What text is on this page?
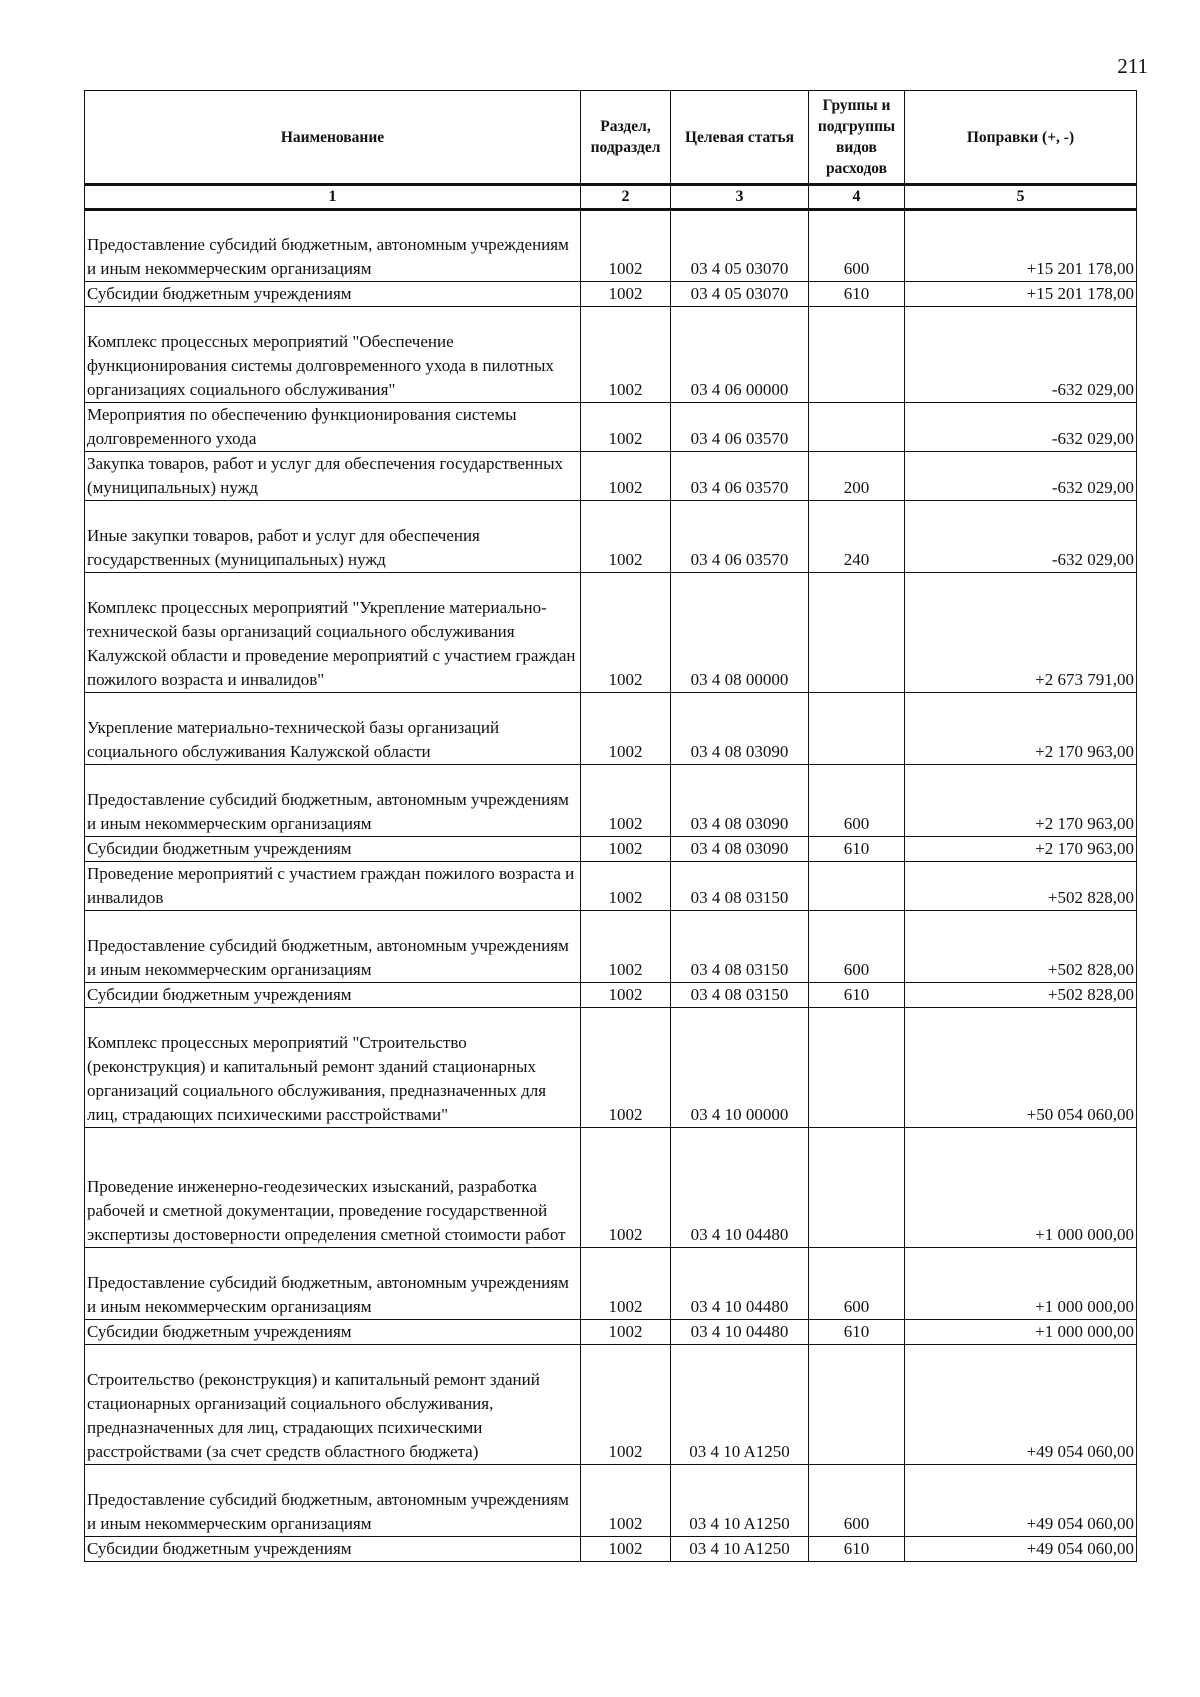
211
Наименование	Раздел, подраздел	Целевая статья	Группы и подгруппы видов расходов	Поправки (+, -)
1	2	3	4	5

Предоставление субсидий бюджетным, автономным учреждениям и иным некоммерческим организациям	1002	03 4 05 03070	600	+15 201 178,00
Субсидии бюджетным учреждениям	1002	03 4 05 03070	610	+15 201 178,00
Комплекс процессных мероприятий "Обеспечение функционирования системы долговременного ухода в пилотных организациях социального обслуживания"	1002	03 4 06 00000		-632 029,00
Мероприятия по обеспечению функционирования системы долговременного ухода	1002	03 4 06 03570		-632 029,00
Закупка товаров, работ и услуг для обеспечения государственных (муниципальных) нужд	1002	03 4 06 03570	200	-632 029,00
Иные закупки товаров, работ и услуг для обеспечения государственных (муниципальных) нужд	1002	03 4 06 03570	240	-632 029,00
Комплекс процессных мероприятий "Укрепление материально-технической базы организаций социального обслуживания Калужской области и проведение мероприятий с участием граждан пожилого возраста и инвалидов"	1002	03 4 08 00000		+2 673 791,00
Укрепление материально-технической базы организаций социального обслуживания Калужской области	1002	03 4 08 03090		+2 170 963,00
Предоставление субсидий бюджетным, автономным учреждениям и иным некоммерческим организациям	1002	03 4 08 03090	600	+2 170 963,00
Субсидии бюджетным учреждениям	1002	03 4 08 03090	610	+2 170 963,00
Проведение мероприятий с участием граждан пожилого возраста и инвалидов	1002	03 4 08 03150		+502 828,00
Предоставление субсидий бюджетным, автономным учреждениям и иным некоммерческим организациям	1002	03 4 08 03150	600	+502 828,00
Субсидии бюджетным учреждениям	1002	03 4 08 03150	610	+502 828,00
Комплекс процессных мероприятий "Строительство (реконструкция) и капитальный ремонт зданий стационарных организаций социального обслуживания, предназначенных для лиц, страдающих психическими расстройствами"	1002	03 4 10 00000		+50 054 060,00
Проведение инженерно-геодезических изысканий, разработка рабочей и сметной документации, проведение государственной экспертизы достоверности определения сметной стоимости работ	1002	03 4 10 04480		+1 000 000,00
Предоставление субсидий бюджетным, автономным учреждениям и иным некоммерческим организациям	1002	03 4 10 04480	600	+1 000 000,00
Субсидии бюджетным учреждениям	1002	03 4 10 04480	610	+1 000 000,00
Строительство (реконструкция) и капитальный ремонт зданий стационарных организаций социального обслуживания, предназначенных для лиц, страдающих психическими расстройствами (за счет средств областного бюджета)	1002	03 4 10 A1250		+49 054 060,00
Предоставление субсидий бюджетным, автономным учреждениям и иным некоммерческим организациям	1002	03 4 10 A1250	600	+49 054 060,00
Субсидии бюджетным учреждениям	1002	03 4 10 A1250	610	+49 054 060,00
